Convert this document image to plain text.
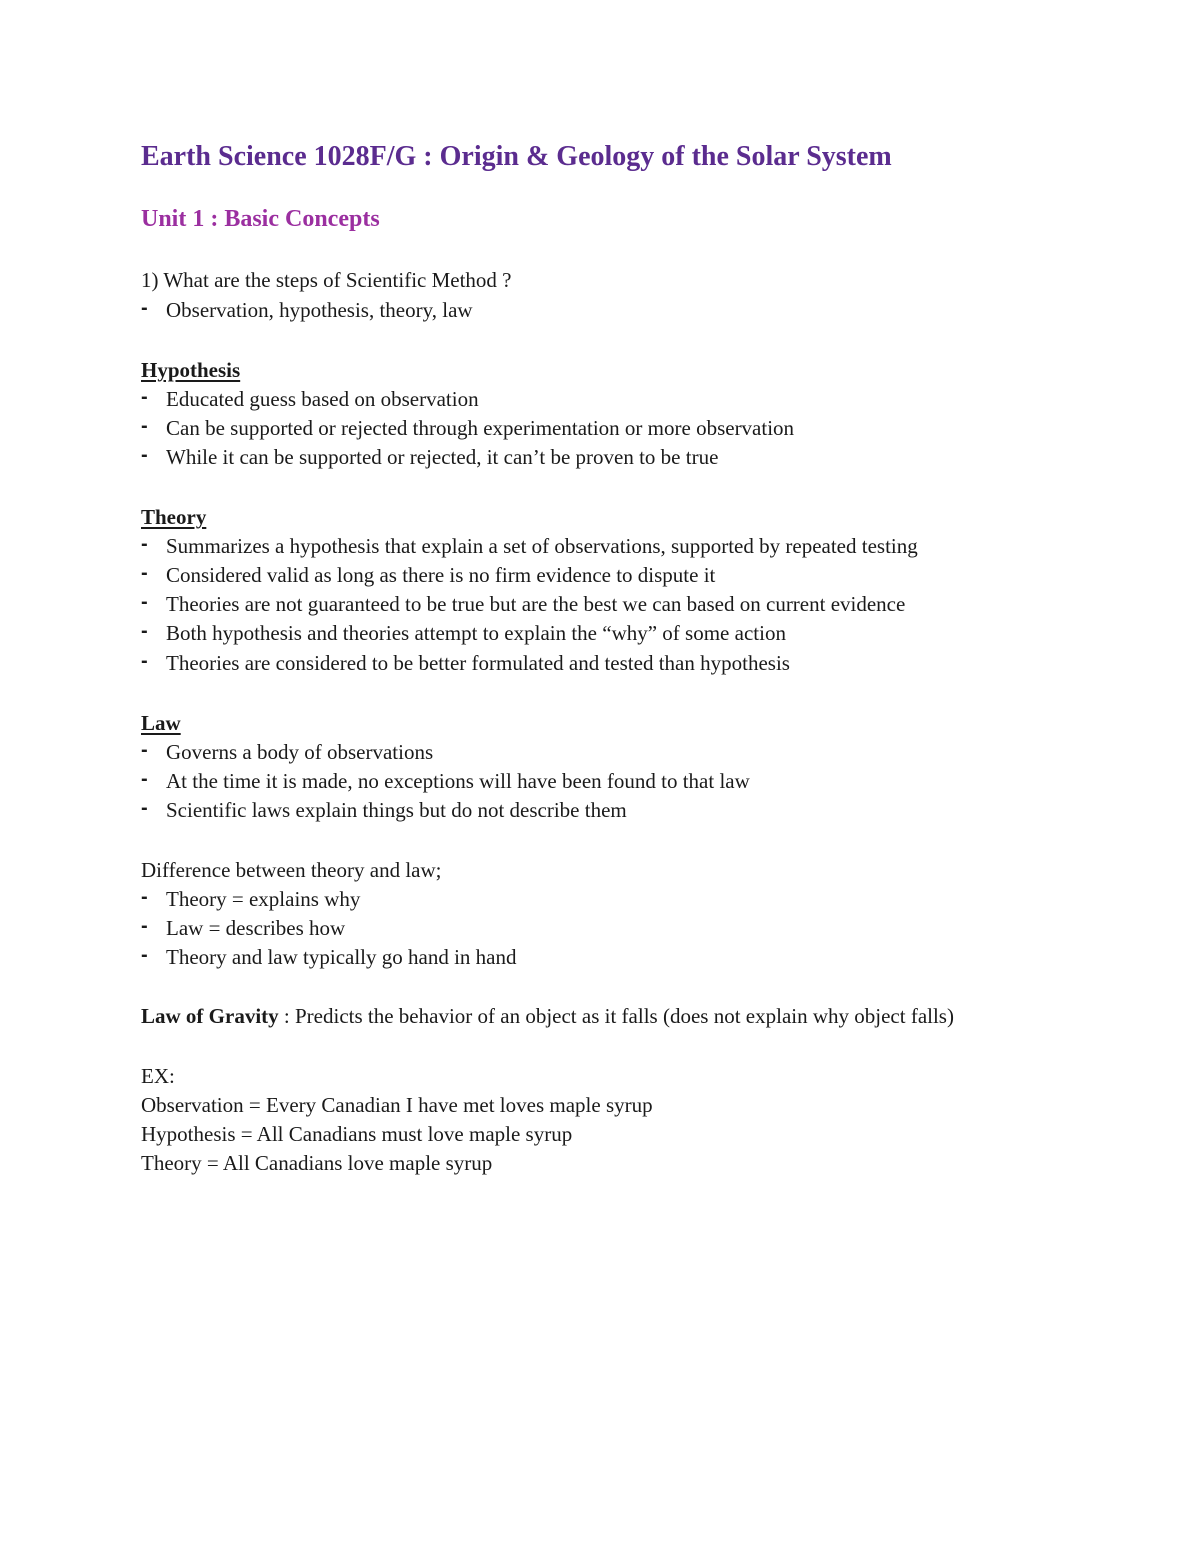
Earth Science 1028F/G : Origin & Geology of the Solar System
Unit 1 : Basic Concepts

1) What are the steps of Scientific Method ?

- Observation, hypothesis, theory, law

Hypothesis

- Educated guess based on observation

- Can be supported or rejected through experimentation or more observation

- While it can be supported or rejected, it can’t be proven to be true

Theory

- Summarizes a hypothesis that explain a set of observations, supported by repeated testing

- Considered valid as long as there is no firm evidence to dispute it

- Theories are not guaranteed to be true but are the best we can based on current evidence

- Both hypothesis and theories attempt to explain the “why” of some action

- Theories are considered to be better formulated and tested than hypothesis

Law

- Governs a body of observations

- At the time it is made, no exceptions will have been found to that law

- Scientific laws explain things but do not describe them

Difference between theory and law;

- Theory = explains why

- Law = describes how

- Theory and law typically go hand in hand

Law of Gravity : Predicts the behavior of an object as it falls (does not explain why object falls)

EX:

Observation = Every Canadian I have met loves maple syrup

Hypothesis = All Canadians must love maple syrup

Theory = All Canadians love maple syrup
